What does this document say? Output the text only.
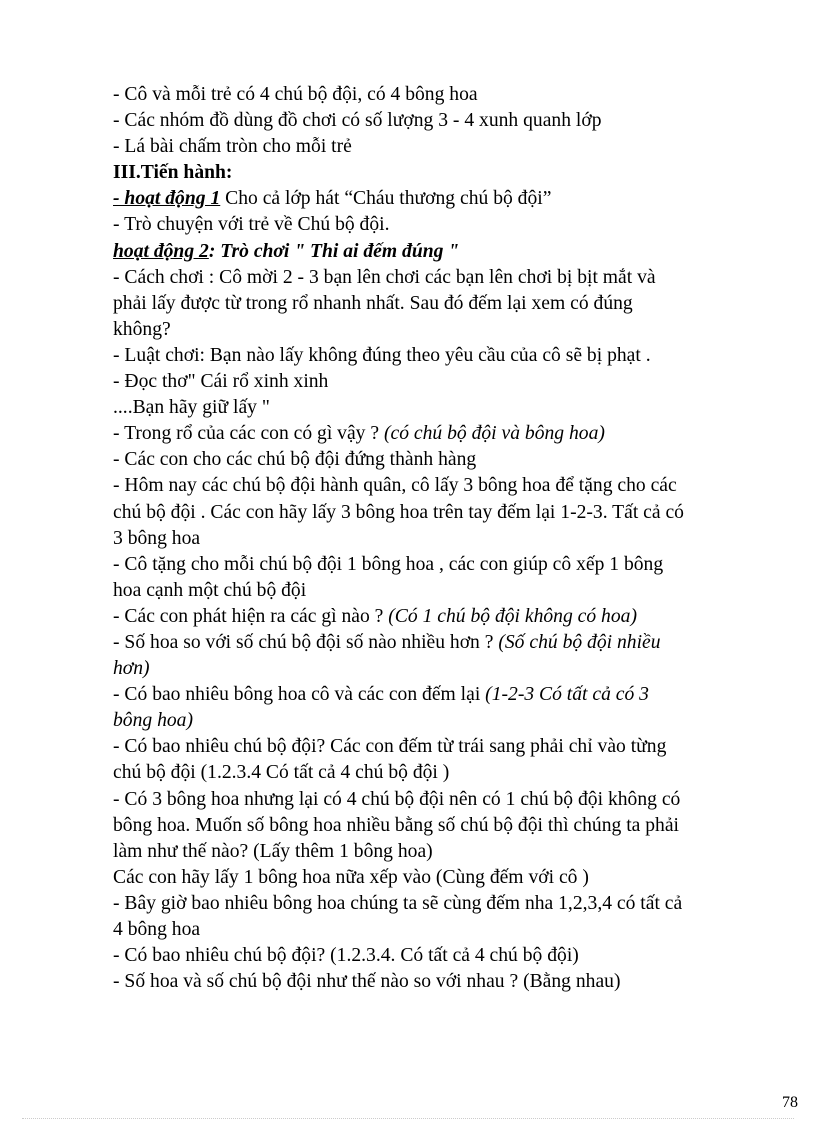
- Cô và mỗi trẻ có 4 chú bộ đội, có 4 bông hoa
- Các nhóm đồ dùng đồ chơi có số lượng 3 - 4 xunh quanh lớp
- Lá bài chấm tròn cho mỗi trẻ
III.Tiến hành:
- hoạt động 1 Cho cả lớp hát “Cháu thương chú bộ đội”
- Trò chuyện với trẻ về Chú bộ đội.
hoạt động 2: Trò chơi " Thi ai đếm đúng "
- Cách chơi : Cô mời 2 - 3 bạn lên chơi các bạn lên chơi bị bịt mắt và
phải lấy được từ trong rổ nhanh nhất. Sau đó đếm lại xem có đúng
không?
- Luật chơi: Bạn nào lấy không đúng theo yêu cầu của cô sẽ bị phạt .
- Đọc thơ" Cái rổ xinh xinh
....Bạn hãy giữ lấy "
- Trong rổ của các con có gì vậy ? (có chú bộ đội và bông hoa)
- Các con cho các chú bộ đội đứng thành hàng
- Hôm nay các chú bộ đội hành quân, cô lấy 3 bông hoa để tặng cho các
chú bộ đội . Các con hãy lấy 3 bông hoa trên tay đếm lại 1-2-3. Tất cả có
3 bông hoa
- Cô tặng cho mỗi chú bộ đội 1 bông hoa , các con giúp cô xếp 1 bông
hoa cạnh một chú bộ đội
- Các con phát hiện ra các gì nào ? (Có 1 chú bộ đội không có hoa)
- Số hoa so với số chú bộ đội số nào nhiều hơn ? (Số chú bộ đội nhiều
hơn)
- Có bao nhiêu bông hoa cô và các con đếm lại (1-2-3 Có tất cả có 3
bông hoa)
- Có bao nhiêu chú bộ đội? Các con đếm từ trái sang phải chỉ vào từng
chú bộ đội (1.2.3.4 Có tất cả 4 chú bộ đội )
- Có 3 bông hoa nhưng lại có 4 chú bộ đội nên có 1 chú bộ đội không có
bông hoa. Muốn số bông hoa nhiều bằng số chú bộ đội thì chúng ta phải
làm như thế nào? (Lấy thêm 1 bông hoa)
Các con hãy lấy 1 bông hoa nữa xếp vào (Cùng đếm với cô )
- Bây giờ bao nhiêu bông hoa chúng ta sẽ cùng đếm nha 1,2,3,4 có tất cả
4 bông hoa
- Có bao nhiêu chú bộ đội? (1.2.3.4. Có tất cả 4 chú bộ đội)
- Số hoa và số chú bộ đội như thế nào so với nhau ? (Bằng nhau)
78
